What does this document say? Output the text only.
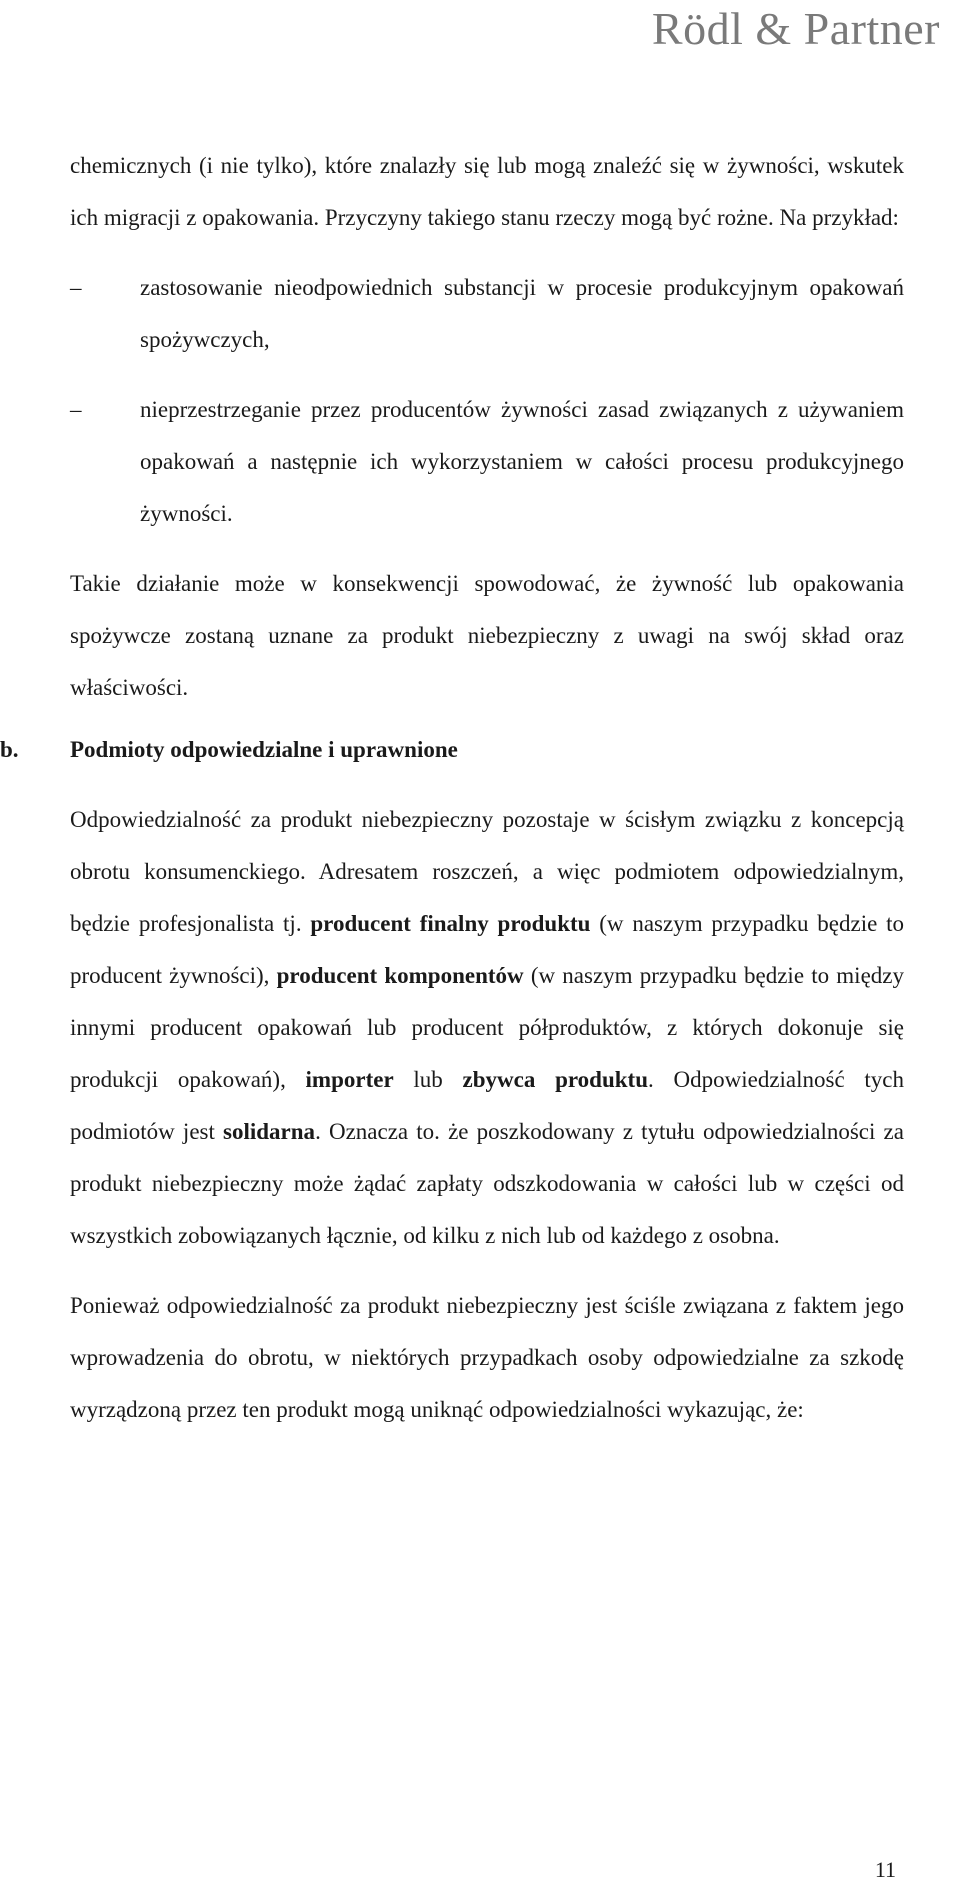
Rödl & Partner

chemicznych (i nie tylko), które znalazły się lub mogą znaleźć się w żywności, wskutek ich migracji z opakowania. Przyczyny takiego stanu rzeczy mogą być rożne. Na przykład:

–	zastosowanie nieodpowiednich substancji w procesie produkcyjnym opakowań spożywczych,

–	nieprzestrzeganie przez producentów żywności zasad związanych z używaniem opakowań a następnie ich wykorzystaniem w całości procesu produkcyjnego żywności.

Takie działanie może w konsekwencji spowodować, że żywność lub opakowania spożywcze zostaną uznane za produkt niebezpieczny z uwagi na swój skład oraz właściwości.

b. Podmioty odpowiedzialne i uprawnione

Odpowiedzialność za produkt niebezpieczny pozostaje w ścisłym związku z koncepcją obrotu konsumenckiego. Adresatem roszczeń, a więc podmiotem odpowiedzialnym, będzie profesjonalista tj. producent finalny produktu (w naszym przypadku będzie to producent żywności), producent komponentów (w naszym przypadku będzie to między innymi producent opakowań lub producent półproduktów, z których dokonuje się produkcji opakowań), importer lub zbywca produktu. Odpowiedzialność tych podmiotów jest solidarna. Oznacza to. że poszkodowany z tytułu odpowiedzialności za produkt niebezpieczny może żądać zapłaty odszkodowania w całości lub w części od wszystkich zobowiązanych łącznie, od kilku z nich lub od każdego z osobna.

Ponieważ odpowiedzialność za produkt niebezpieczny jest ściśle związana z faktem jego wprowadzenia do obrotu, w niektórych przypadkach osoby odpowiedzialne za szkodę wyrządzoną przez ten produkt mogą uniknąć odpowiedzialności wykazując, że:

11
